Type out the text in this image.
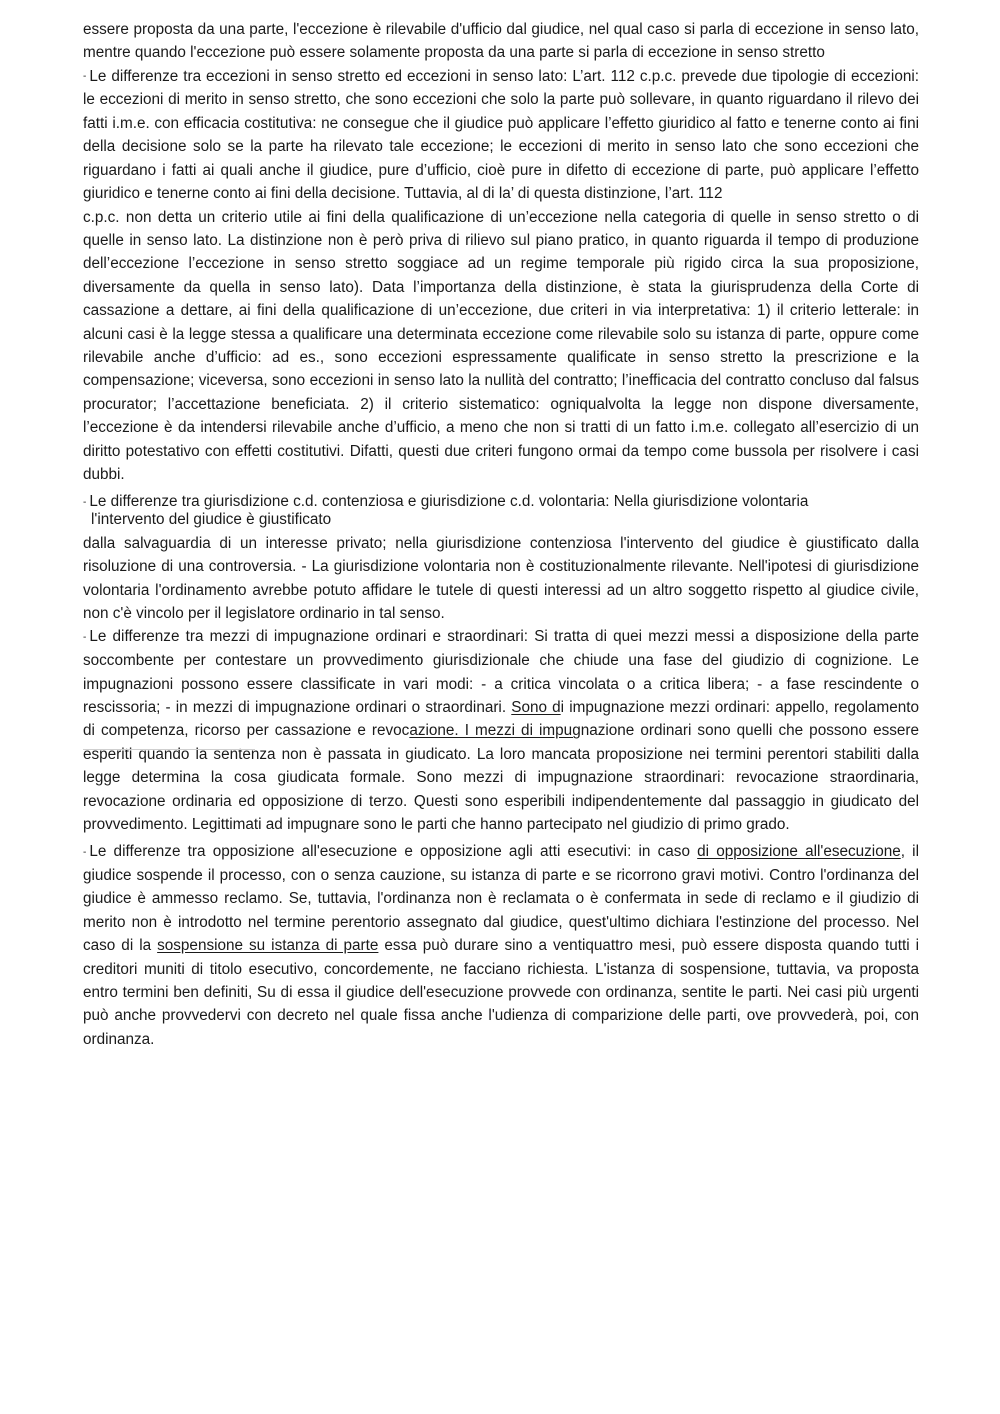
essere proposta da una parte, l'eccezione è rilevabile d'ufficio dal giudice, nel qual caso si parla di eccezione in senso lato, mentre quando l'eccezione può essere solamente proposta da una parte si parla di eccezione in senso stretto

- Le differenze tra eccezioni in senso stretto ed eccezioni in senso lato: L’art. 112 c.p.c. prevede due tipologie di eccezioni: le eccezioni di merito in senso stretto, che sono eccezioni che solo la parte può sollevare, in quanto riguardano il rilevo dei fatti i.m.e. con efficacia costitutiva: ne consegue che il giudice può applicare l’effetto giuridico al fatto e tenerne conto ai fini della decisione solo se la parte ha rilevato tale eccezione; le eccezioni di merito in senso lato che sono eccezioni che riguardano i fatti ai quali anche il giudice, pure d’ufficio, cioè pure in difetto di eccezione di parte, può applicare l’effetto giuridico e tenerne conto ai fini della decisione. Tuttavia, al di la’ di questa distinzione, l’art. 112

c.p.c. non detta un criterio utile ai fini della qualificazione di un’eccezione nella categoria di quelle in senso stretto o di quelle in senso lato. La distinzione non è però priva di rilievo sul piano pratico, in quanto riguarda il tempo di produzione dell’eccezione l’eccezione in senso stretto soggiace ad un regime temporale più rigido circa la sua proposizione, diversamente da quella in senso lato). Data l’importanza della distinzione, è stata la giurisprudenza della Corte di cassazione a dettare, ai fini della qualificazione di un’eccezione, due criteri in via interpretativa: 1) il criterio letterale: in alcuni casi è la legge stessa a qualificare una determinata eccezione come rilevabile solo su istanza di parte, oppure come rilevabile anche d’ufficio: ad es., sono eccezioni espressamente qualificate in senso stretto la prescrizione e la compensazione; viceversa, sono eccezioni in senso lato la nullità del contratto; l’inefficacia del contratto concluso dal falsus procurator; l’accettazione beneficiata. 2) il criterio sistematico: ogniqualvolta la legge non dispone diversamente, l’eccezione è da intendersi rilevabile anche d’ufficio, a meno che non si tratti di un fatto i.m.e. collegato all’esercizio di un diritto potestativo con effetti costitutivi. Difatti, questi due criteri fungono ormai da tempo come bussola per risolvere i casi dubbi.

- Le differenze tra giurisdizione c.d. contenziosa e giurisdizione c.d. volontaria: Nella giurisdizione volontaria

l'intervento del giudice è giustificato

dalla salvaguardia di un interesse privato; nella giurisdizione contenziosa l'intervento del giudice è giustificato dalla risoluzione di una controversia. - La giurisdizione volontaria non è costituzionalmente rilevante. Nell'ipotesi di giurisdizione volontaria l'ordinamento avrebbe potuto affidare le tutele di questi interessi ad un altro soggetto rispetto al giudice civile, non c'è vincolo per il legislatore ordinario in tal senso.

- Le differenze tra mezzi di impugnazione ordinari e straordinari: Si tratta di quei mezzi messi a disposizione della parte soccombente per contestare un provvedimento giurisdizionale che chiude una fase del giudizio di cognizione. Le impugnazioni possono essere classificate in vari modi: - a critica vincolata o a critica libera; - a fase rescindente o rescissoria; - in mezzi di impugnazione ordinari o straordinari. Sono di impugnazione mezzi ordinari: appello, regolamento di competenza, ricorso per cassazione e revocazione. I mezzi di impugnazione ordinari sono quelli che possono essere esperiti quando la sentenza non è passata in giudicato. La loro mancata proposizione nei termini perentori stabiliti dalla legge determina la cosa giudicata formale. Sono mezzi di impugnazione straordinari: revocazione straordinaria, revocazione ordinaria ed opposizione di terzo. Questi sono esperibili indipendentemente dal passaggio in giudicato del provvedimento. Legittimati ad impugnare sono le parti che hanno partecipato nel giudizio di primo grado.

- Le differenze tra opposizione all'esecuzione e opposizione agli atti esecutivi: in caso di opposizione all'esecuzione, il giudice sospende il processo, con o senza cauzione, su istanza di parte e se ricorrono gravi motivi. Contro l'ordinanza del giudice è ammesso reclamo. Se, tuttavia, l'ordinanza non è reclamata o è confermata in sede di reclamo e il giudizio di merito non è introdotto nel termine perentorio assegnato dal giudice, quest'ultimo dichiara l'estinzione del processo. Nel caso di la sospensione su istanza di parte essa può durare sino a ventiquattro mesi, può essere disposta quando tutti i creditori muniti di titolo esecutivo, concordemente, ne facciano richiesta. L'istanza di sospensione, tuttavia, va proposta entro termini ben definiti, Su di essa il giudice dell'esecuzione provvede con ordinanza, sentite le parti. Nei casi più urgenti può anche provvedervi con decreto nel quale fissa anche l'udienza di comparizione delle parti, ove provvederà, poi, con ordinanza.
